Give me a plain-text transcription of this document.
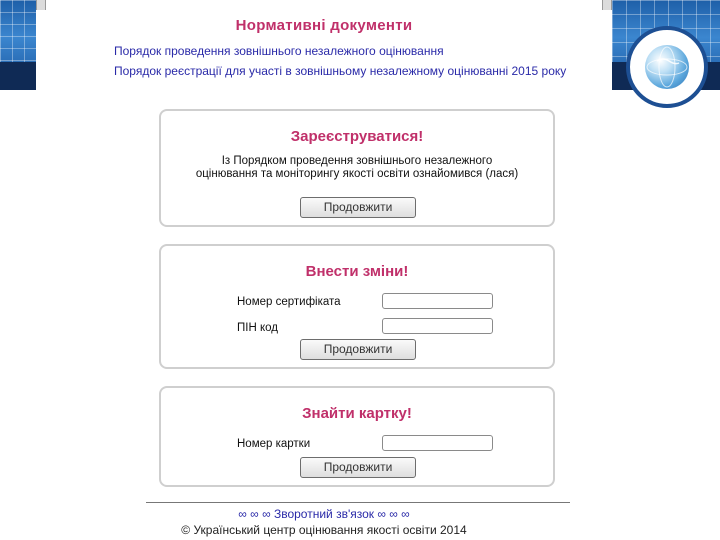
Нормативні документи
Порядок проведення зовнішнього незалежного оцінювання
Порядок реєстрації для участі в зовнішньому незалежному оцінюванні 2015 року
Зареєструватися!
Із Порядком проведення зовнішнього незалежного оцінювання та моніторингу якості освіти ознайомився (лася)
Продовжити
Внести зміни!
Номер сертифіката
ПІН код
Продовжити
Знайти картку!
Номер картки
Продовжити
∞ ∞ ∞ Зворотний зв'язок ∞ ∞ ∞
© Український центр оцінювання якості освіти 2014
